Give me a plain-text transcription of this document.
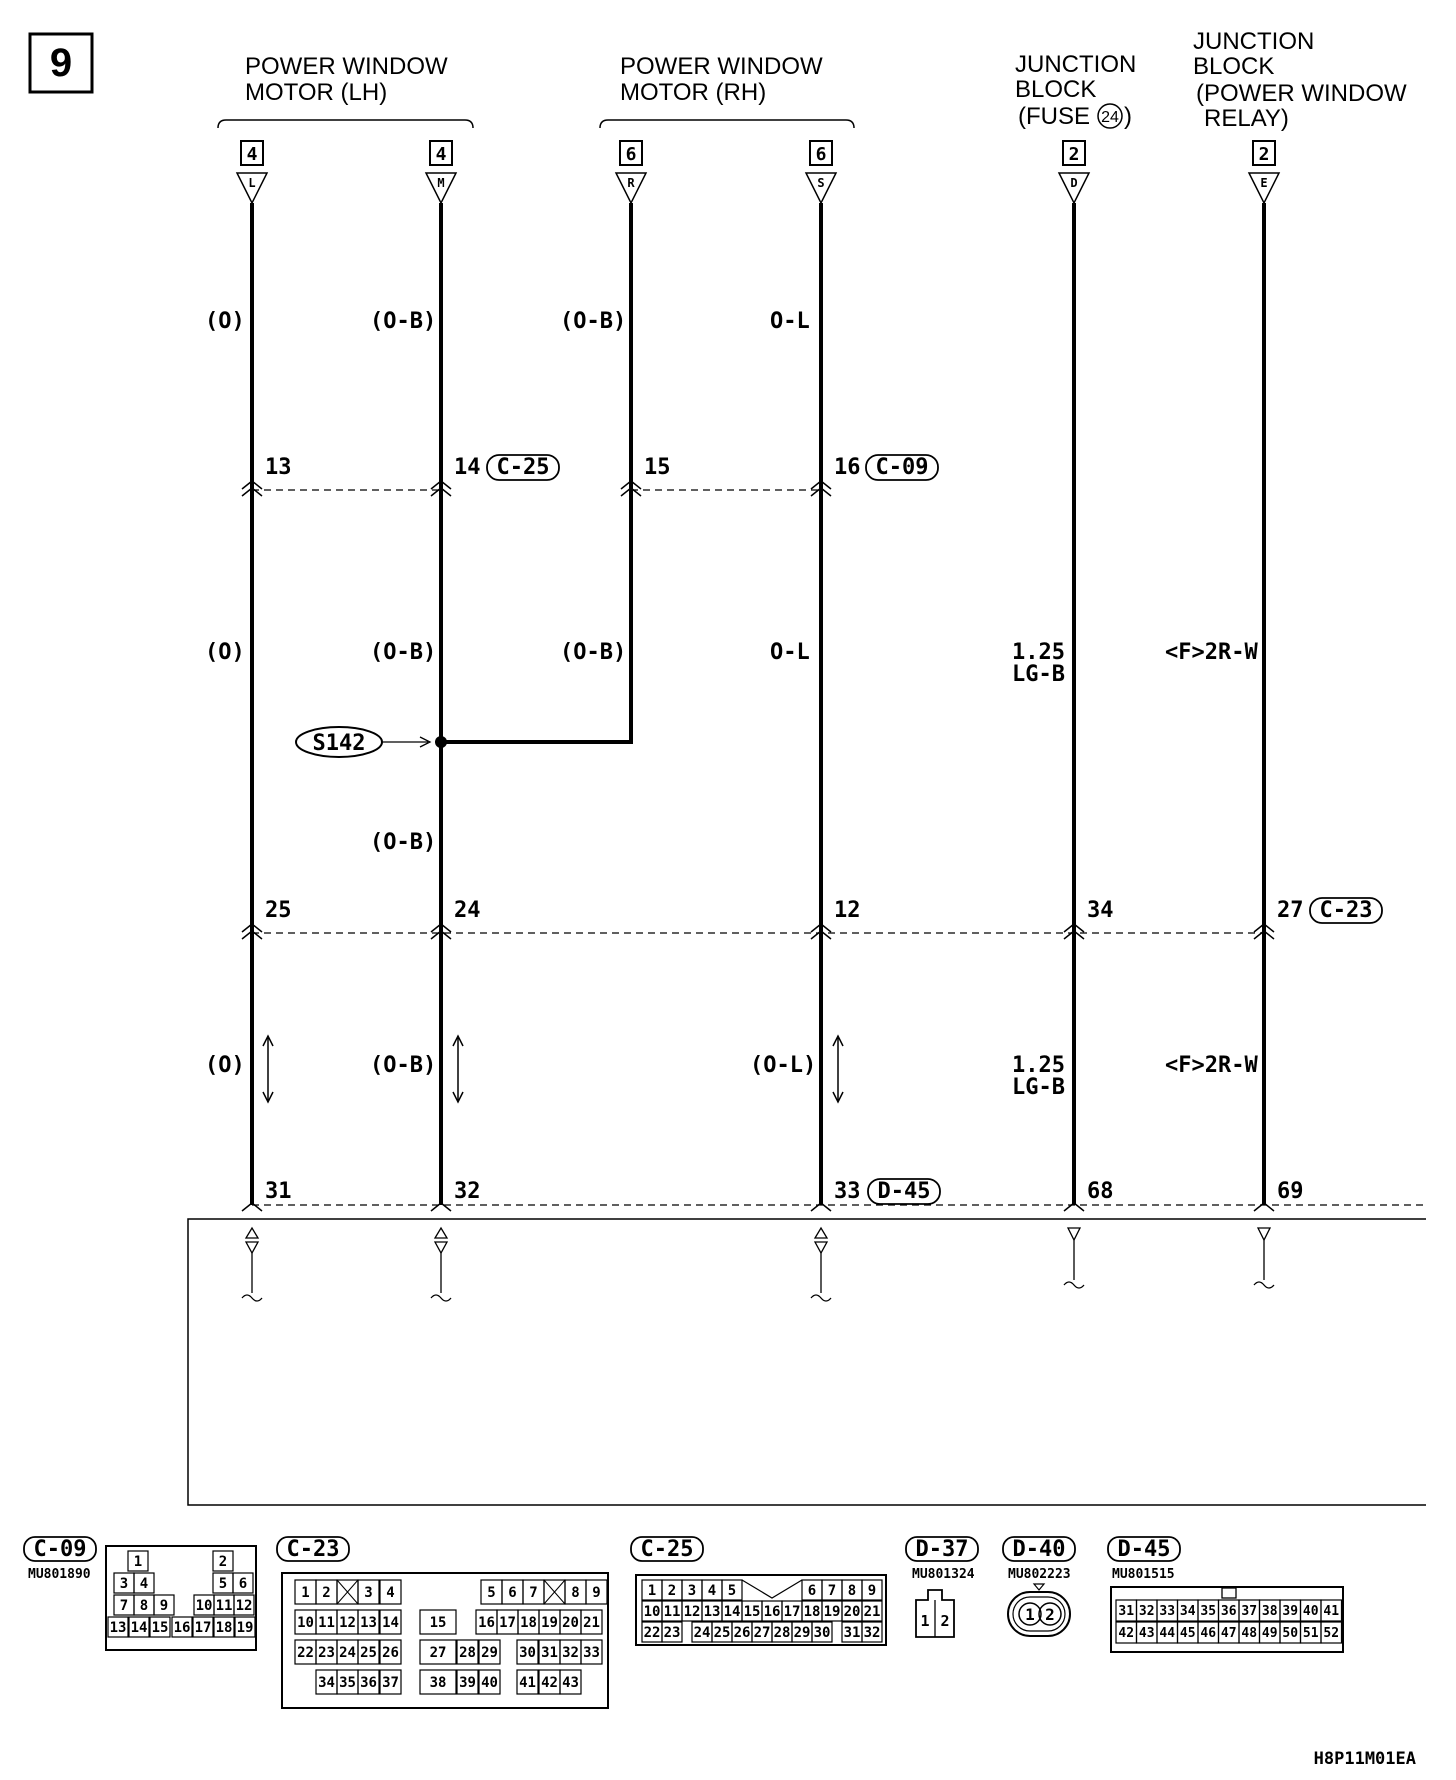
9	POWER WINDOW
MOTOR (LH)
POWER WINDOW
MOTOR (RH)
JUNCTION
BLOCK
(FUSE 24 )
JUNCTION
BLOCK
(POWER WINDOW
RELAY)
4
L
4
M
6
R
6
S
2
D
2
E
(O)	(O-B)	(O-B)	O-L
13	14 C-25	15	16 C-09
(O)	(O-B)	(O-B)	O-L	1.25
LG-B
<F>2R-W
S142
(O-B)
25	24	12	34	27 C-23
(O)	(O-B)	(O-L)	1.25
LG-B
<F>2R-W
31	32	33 D-45	68	69
C-09
MU801890
1	2
3 4	5 6
7 8 9 10 11 12
13 14 15 16 17 18 19
C-23
1 2 3 4	5 6 7 8 9
10 11 12 13 14 15 16 17 18 19 20 21
22 23 24 25 26 27 28 29 30 31 32 33
34 35 36 37 38 39 40 41 42 43
C-25
1 2 3 4 5	6 7 8 9
10 11 12 13 14 15 16 17 18 19 20 21
22 23 24 25 26 27 28 29 30 31 32
D-37
MU801324
1 2
D-40
MU802223
1 2
D-45
MU801515
31 32 33 34 35 36 37 38 39 40 41
42 43 44 45 46 47 48 49 50 51 52
H8P11M01EA
